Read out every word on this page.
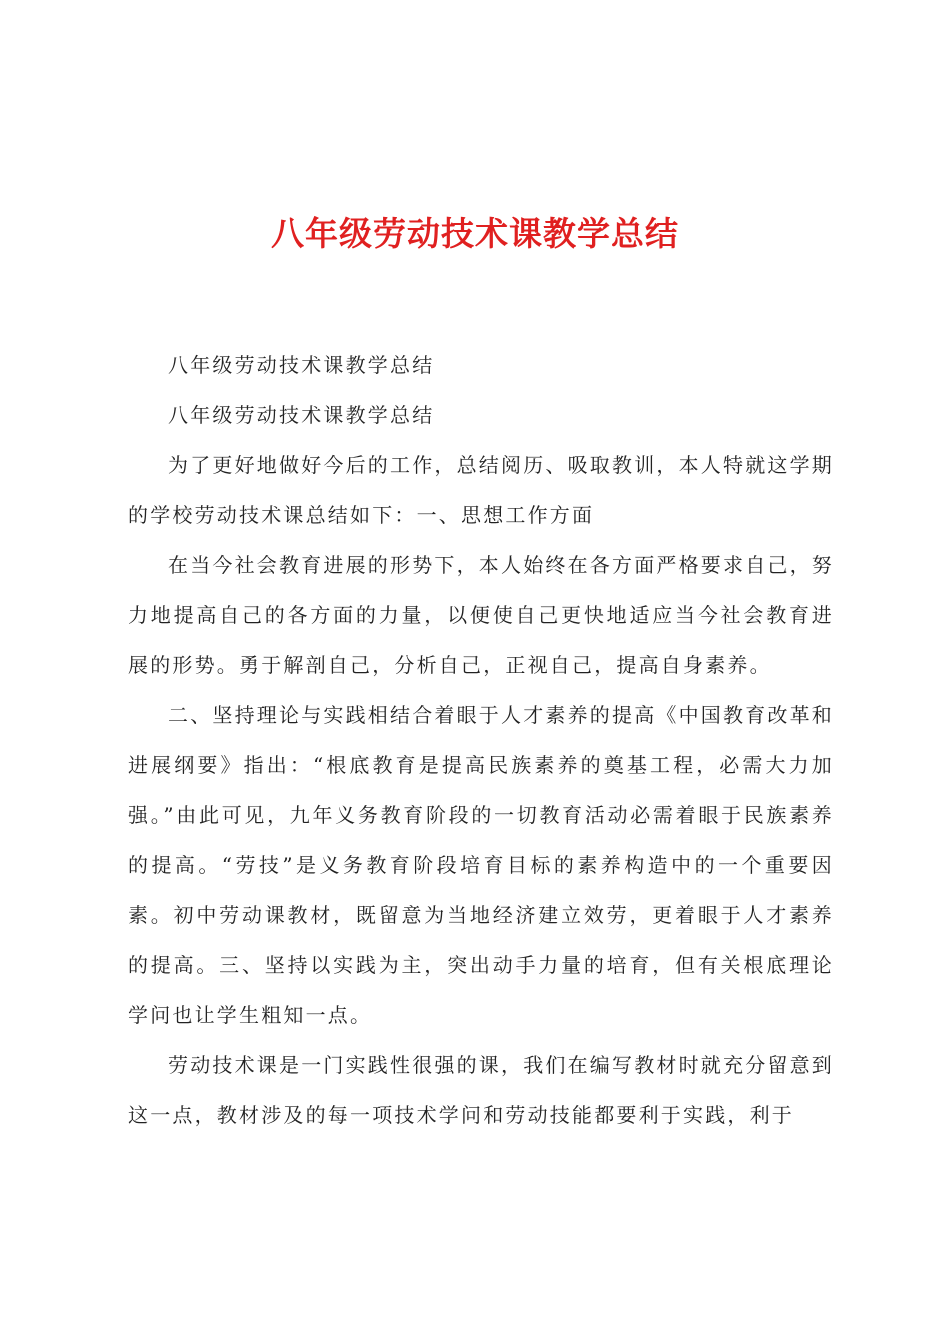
八年级劳动技术课教学总结

八年级劳动技术课教学总结

八年级劳动技术课教学总结

为了更好地做好今后的工作，总结阅历、吸取教训，本人特就这学期的学校劳动技术课总结如下：一、思想工作方面

在当今社会教育进展的形势下，本人始终在各方面严格要求自己，努力地提高自己的各方面的力量，以便使自己更快地适应当今社会教育进展的形势。勇于解剖自己，分析自己，正视自己，提高自身素养。

二、坚持理论与实践相结合着眼于人才素养的提高《中国教育改革和进展纲要》指出：“根底教育是提高民族素养的奠基工程，必需大力加强。”由此可见，九年义务教育阶段的一切教育活动必需着眼于民族素养的提高。“劳技”是义务教育阶段培育目标的素养构造中的一个重要因素。初中劳动课教材，既留意为当地经济建立效劳，更着眼于人才素养的提高。三、坚持以实践为主，突出动手力量的培育，但有关根底理论学问也让学生粗知一点。

劳动技术课是一门实践性很强的课，我们在编写教材时就充分留意到这一点，教材涉及的每一项技术学问和劳动技能都要利于实践，利于
